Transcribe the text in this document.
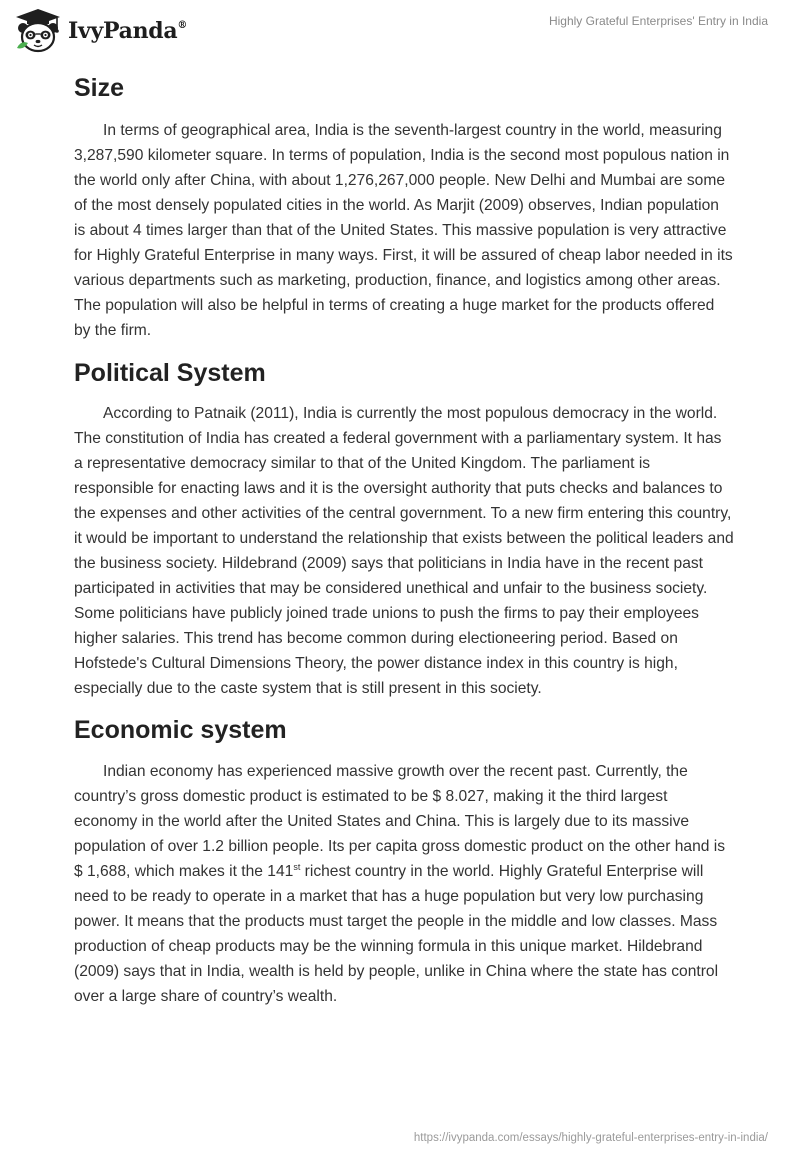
IvyPanda®	Highly Grateful Enterprises' Entry in India
Size

In terms of geographical area, India is the seventh-largest country in the world, measuring 3,287,590 kilometer square. In terms of population, India is the second most populous nation in the world only after China, with about 1,276,267,000 people. New Delhi and Mumbai are some of the most densely populated cities in the world. As Marjit (2009) observes, Indian population is about 4 times larger than that of the United States. This massive population is very attractive for Highly Grateful Enterprise in many ways. First, it will be assured of cheap labor needed in its various departments such as marketing, production, finance, and logistics among other areas. The population will also be helpful in terms of creating a huge market for the products offered by the firm.

Political System

According to Patnaik (2011), India is currently the most populous democracy in the world. The constitution of India has created a federal government with a parliamentary system. It has a representative democracy similar to that of the United Kingdom. The parliament is responsible for enacting laws and it is the oversight authority that puts checks and balances to the expenses and other activities of the central government. To a new firm entering this country, it would be important to understand the relationship that exists between the political leaders and the business society. Hildebrand (2009) says that politicians in India have in the recent past participated in activities that may be considered unethical and unfair to the business society. Some politicians have publicly joined trade unions to push the firms to pay their employees higher salaries. This trend has become common during electioneering period. Based on Hofstede's Cultural Dimensions Theory, the power distance index in this country is high, especially due to the caste system that is still present in this society.

Economic system

Indian economy has experienced massive growth over the recent past. Currently, the country’s gross domestic product is estimated to be $ 8.027, making it the third largest economy in the world after the United States and China. This is largely due to its massive population of over 1.2 billion people. Its per capita gross domestic product on the other hand is $ 1,688, which makes it the 141st richest country in the world. Highly Grateful Enterprise will need to be ready to operate in a market that has a huge population but very low purchasing power. It means that the products must target the people in the middle and low classes. Mass production of cheap products may be the winning formula in this unique market. Hildebrand (2009) says that in India, wealth is held by people, unlike in China where the state has control over a large share of country’s wealth.

https://ivypanda.com/essays/highly-grateful-enterprises-entry-in-india/
